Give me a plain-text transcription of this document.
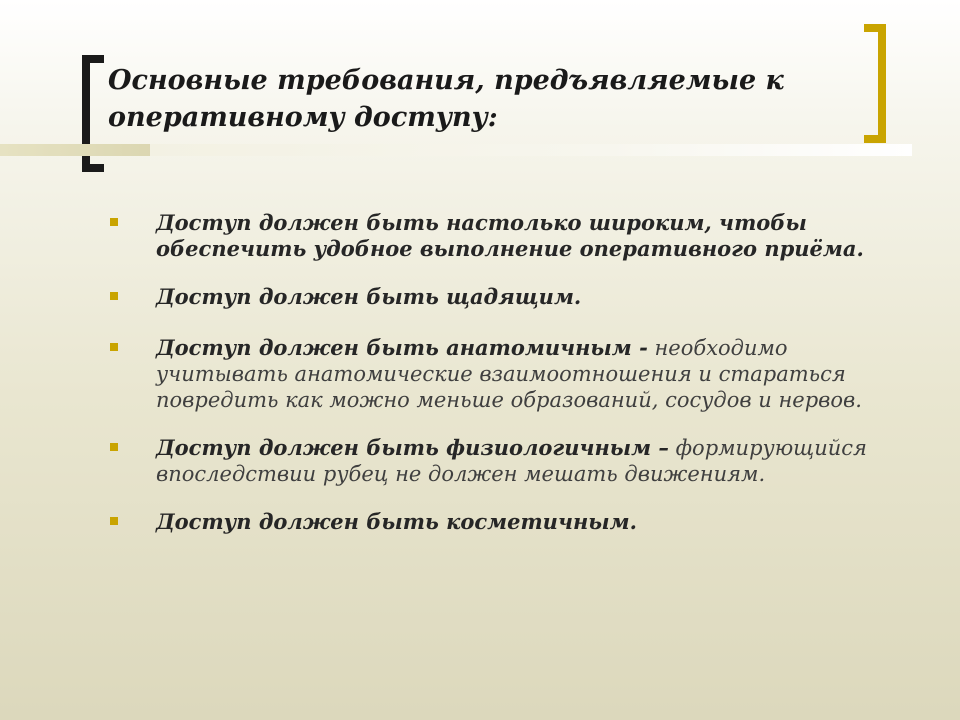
Основные требования, предъявляемые к оперативному доступу:
Доступ должен быть настолько широким, чтобы обеспечить удобное выполнение оперативного приёма.
Доступ должен быть щадящим.
Доступ должен быть анатомичным - необходимо учитывать анатомические взаимоотношения и стараться повредить как можно меньше образований, сосудов и нервов.
Доступ должен быть физиологичным – формирующийся впоследствии рубец не должен мешать движениям.
Доступ должен быть косметичным.
